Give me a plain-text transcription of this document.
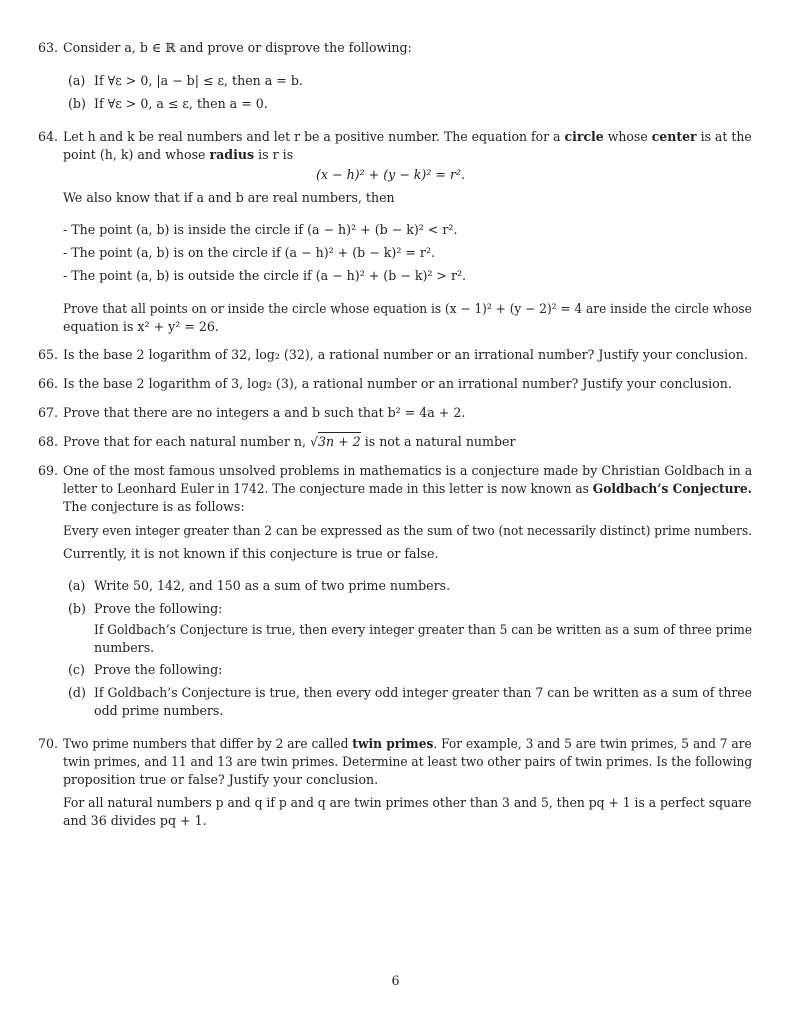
63. Consider a, b ∈ ℝ and prove or disprove the following:
(a) If ∀ε > 0, |a − b| ≤ ε, then a = b.
(b) If ∀ε > 0, a ≤ ε, then a = 0.
64. Let h and k be real numbers and let r be a positive number. The equation for a circle whose center is at the
point (h, k) and whose radius is r is
(x − h)² + (y − k)² = r².
We also know that if a and b are real numbers, then
- The point (a, b) is inside the circle if (a − h)² + (b − k)² < r².
- The point (a, b) is on the circle if (a − h)² + (b − k)² = r².
- The point (a, b) is outside the circle if (a − h)² + (b − k)² > r².
Prove that all points on or inside the circle whose equation is (x − 1)² + (y − 2)² = 4 are inside the circle whose
equation is x² + y² = 26.
65. Is the base 2 logarithm of 32, log₂ (32), a rational number or an irrational number? Justify your conclusion.
66. Is the base 2 logarithm of 3, log₂ (3), a rational number or an irrational number? Justify your conclusion.
67. Prove that there are no integers a and b such that b² = 4a + 2.
68. Prove that for each natural number n, √3n + 2 is not a natural number
69. One of the most famous unsolved problems in mathematics is a conjecture made by Christian Goldbach in a
letter to Leonhard Euler in 1742. The conjecture made in this letter is now known as Goldbach’s Conjecture.
The conjecture is as follows:
Every even integer greater than 2 can be expressed as the sum of two (not necessarily distinct) prime numbers.
Currently, it is not known if this conjecture is true or false.
(a) Write 50, 142, and 150 as a sum of two prime numbers.
(b) Prove the following:
If Goldbach’s Conjecture is true, then every integer greater than 5 can be written as a sum of three prime
numbers.
(c) Prove the following:
(d) If Goldbach’s Conjecture is true, then every odd integer greater than 7 can be written as a sum of three
odd prime numbers.
70. Two prime numbers that differ by 2 are called twin primes. For example, 3 and 5 are twin primes, 5 and 7 are
twin primes, and 11 and 13 are twin primes. Determine at least two other pairs of twin primes. Is the following
proposition true or false? Justify your conclusion.
For all natural numbers p and q if p and q are twin primes other than 3 and 5, then pq + 1 is a perfect square
and 36 divides pq + 1.
6
